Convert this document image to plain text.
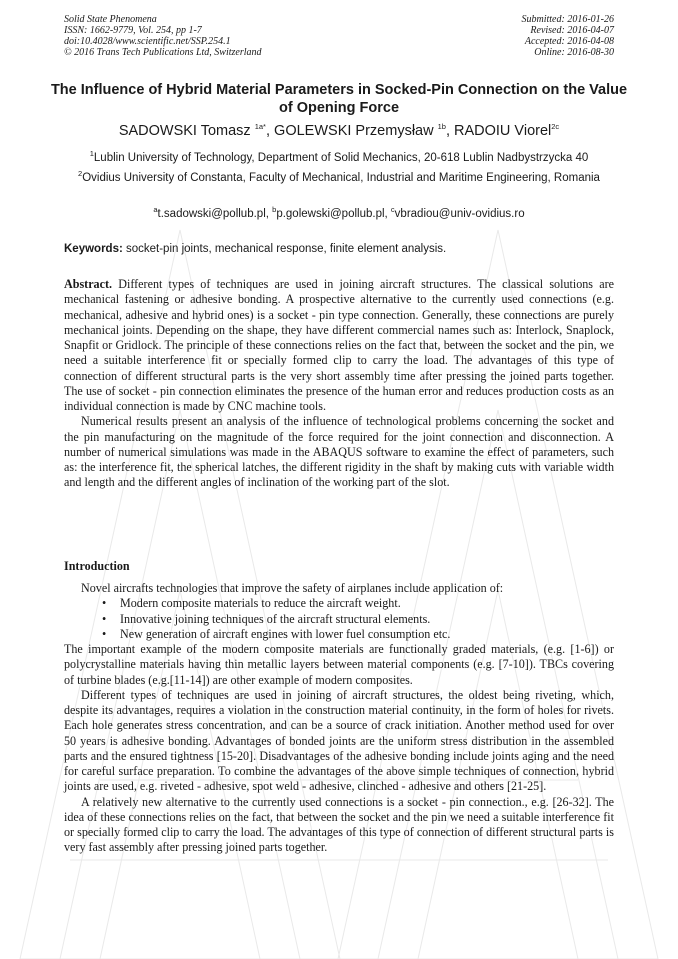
Solid State Phenomena
ISSN: 1662-9779, Vol. 254, pp 1-7
doi:10.4028/www.scientific.net/SSP.254.1
© 2016 Trans Tech Publications Ltd, Switzerland
Submitted: 2016-01-26
Revised: 2016-04-07
Accepted: 2016-04-08
Online: 2016-08-30
The Influence of Hybrid Material Parameters in Socked-Pin Connection on the Value of Opening Force
SADOWSKI Tomasz $^{1a*}$, GOLEWSKI Przemysław $^{1b}$, RADOIU Viorel$^{2c}$
$^1$Lublin University of Technology, Department of Solid Mechanics, 20-618 Lublin Nadbystrzycka 40
$^2$Ovidius University of Constanta, Faculty of Mechanical, Industrial and Maritime Engineering, Romania
$^a$t.sadowski@pollub.pl, $^b$p.golewski@pollub.pl, $^c$vbradiou@univ-ovidius.ro
Keywords: socket-pin joints, mechanical response, finite element analysis.

Abstract. Different types of techniques are used in joining aircraft structures. The classical solutions are mechanical fastening or adhesive bonding. A prospective alternative to the currently used connections (e.g. mechanical, adhesive and hybrid ones) is a socket - pin type connection. Generally, these connections are purely mechanical joints. Depending on the shape, they have different commercial names such as: Interlock, Snaplock, Snapfit or Gridlock. The principle of these connections relies on the fact that, between the socket and the pin, we need a suitable interference fit or specially formed clip to carry the load. The advantages of this type of connection of different structural parts is the very short assembly time after pressing the joined parts together. The use of socket - pin connection eliminates the presence of the human error and reduces production costs as an individual connection is made by CNC machine tools.

Numerical results present an analysis of the influence of technological problems concerning the socket and the pin manufacturing on the magnitude of the force required for the joint connection and disconnection. A number of numerical simulations was made in the ABAQUS software to examine the effect of parameters, such as: the interference fit, the spherical latches, the different rigidity in the shaft by making cuts with variable width and length and the different angles of inclination of the working part of the slot.

Introduction

Novel aircrafts technologies that improve the safety of airplanes include application of:

• Modern composite materials to reduce the aircraft weight.
• Innovative joining techniques of the aircraft structural elements.
• New generation of aircraft engines with lower fuel consumption etc.

The important example of the modern composite materials are functionally graded materials, (e.g. [1-6]) or polycrystalline materials having thin metallic layers between material components (e.g. [7-10]). TBCs covering of turbine blades (e.g.[11-14]) are other example of modern composites.

Different types of techniques are used in joining of aircraft structures, the oldest being riveting, which, despite its advantages, requires a violation in the construction material continuity, in the form of holes for rivets. Each hole generates stress concentration, and can be a source of crack initiation. Another method used for over 50 years is adhesive bonding. Advantages of bonded joints are the uniform stress distribution in the assembled parts and the ensured tightness [15-20]. Disadvantages of the adhesive bonding include joints aging and the need for careful surface preparation. To combine the advantages of the above simple techniques of connection, hybrid joints are used, e.g. riveted - adhesive, spot weld - adhesive, clinched - adhesive and others [21-25].

A relatively new alternative to the currently used connections is a socket - pin connection., e.g. [26-32]. The idea of these connections relies on the fact, that between the socket and the pin we need a suitable interference fit or specially formed clip to carry the load. The advantages of this type of connection of different structural parts is very fast assembly after pressing joined parts together.
